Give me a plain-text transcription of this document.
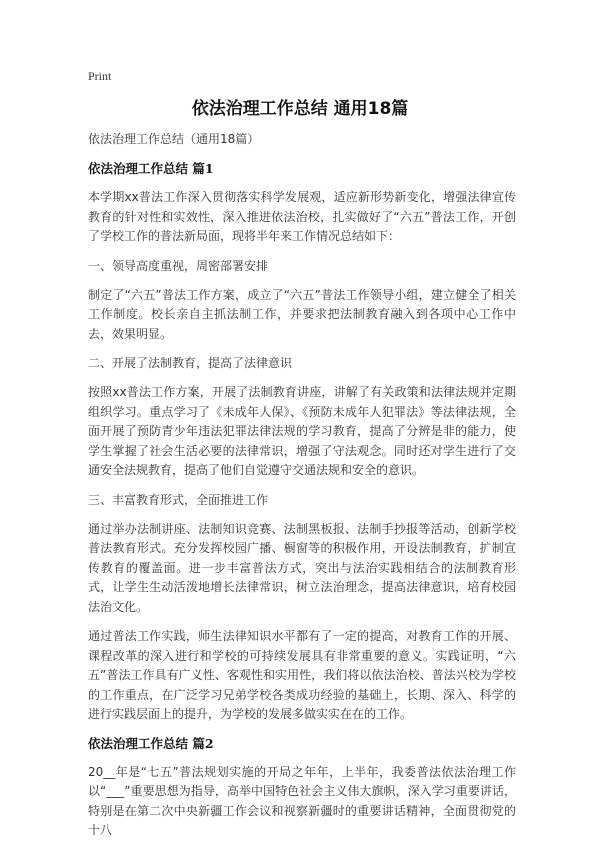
Print
依法治理工作总结 通用18篇

依法治理工作总结（通用18篇）

依法治理工作总结 篇1

本学期xx普法工作深入贯彻落实科学发展观，适应新形势新变化，增强法律宣传教育的针对性和实效性，深入推进依法治校，扎实做好了“六五”普法工作，开创了学校工作的普法新局面，现将半年来工作情况总结如下：

一、领导高度重视，周密部署安排

制定了“六五”普法工作方案，成立了“六五”普法工作领导小组，建立健全了相关工作制度。校长亲自主抓法制工作，并要求把法制教育融入到各项中心工作中去，效果明显。

二、开展了法制教育，提高了法律意识

按照xx普法工作方案，开展了法制教育讲座，讲解了有关政策和法律法规并定期组织学习。重点学习了《未成年人保》、《预防未成年人犯罪法》等法律法规，全面开展了预防青少年违法犯罪法律法规的学习教育，提高了分辨是非的能力，使学生掌握了社会生活必要的法律常识，增强了守法观念。同时还对学生进行了交通安全法规教育，提高了他们自觉遵守交通法规和安全的意识。

三、丰富教育形式，全面推进工作

通过举办法制讲座、法制知识竞赛、法制黑板报、法制手抄报等活动，创新学校普法教育形式。充分发挥校园广播、橱窗等的积极作用，开设法制教育，扩制宣传教育的覆盖面。进一步丰富普法方式，突出与法治实践相结合的法制教育形式，让学生生动活泼地增长法律常识，树立法治理念，提高法律意识，培育校园法治文化。

通过普法工作实践，师生法律知识水平都有了一定的提高，对教育工作的开展、课程改革的深入进行和学校的可持续发展具有非常重要的意义。实践证明，“六五”普法工作具有广义性、客观性和实用性，我们将以依法治校、普法兴校为学校的工作重点，在广泛学习兄弟学校各类成功经验的基础上，长期、深入、科学的进行实践层面上的提升，为学校的发展多做实实在在的工作。

依法治理工作总结 篇2

20__年是“七五”普法规划实施的开局之年年，上半年，我委普法依法治理工作以“___”重要思想为指导，高举中国特色社会主义伟大旗帜，深入学习重要讲话，特别是在第二次中央新疆工作会议和视察新疆时的重要讲话精神，全面贯彻党的十八
